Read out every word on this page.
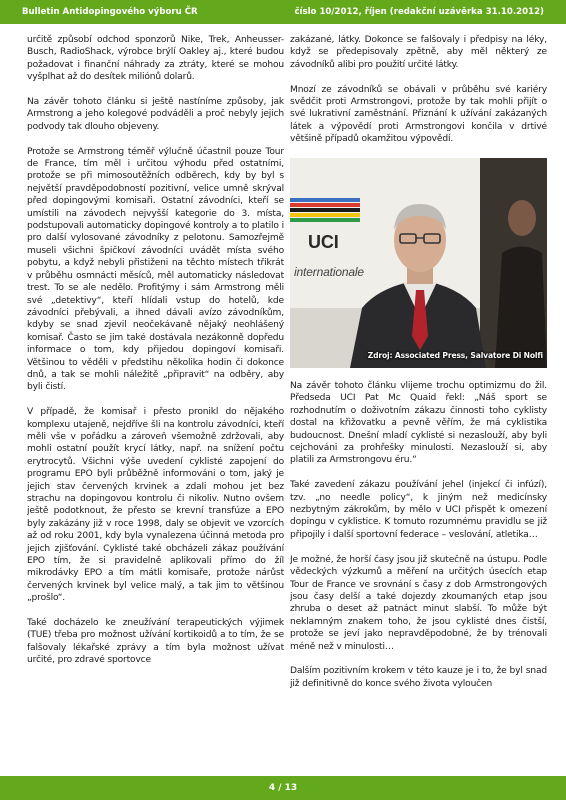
Bulletin Antidopingového výboru ČR	číslo 10/2012, říjen (redakční uzávěrka 31.10.2012)

určitě způsobí odchod sponzorů Nike, Trek, Anheusser-Busch, RadioShack, výrobce brýlí Oakley aj., které budou požadovat i finanční náhrady za ztráty, které se mohou vyšplhat až do desítek miliónů dolarů.

Na závěr tohoto článku si ještě nastíníme způsoby, jak Armstrong a jeho kolegové podváděli a proč nebyly jejich podvody tak dlouho objeveny.

Protože se Armstrong téměř výlučně účastnil pouze Tour de France, tím měl i určitou výhodu před ostatními, protože se při mimosoutěžních odběrech, kdy by byl s největší pravděpodobností pozitivní, velice umně skrýval před dopingovými komisaři. Ostatní závodníci, kteří se umístili na závodech nejvyšší kategorie do 3. místa, podstupovali automaticky dopingové kontroly a to platilo i pro další vylosované závodníky z pelotonu. Samozřejmě museli všichni špičkoví závodníci uvádět místa svého pobytu, a když nebyli přistiženi na těchto místech třikrát v průběhu osmnácti měsíců, měl automaticky následovat trest. To se ale nedělo. Profitýmy i sám Armstrong měli své „detektivy“, kteří hlídali vstup do hotelů, kde závodníci přebývali, a ihned dávali avízo závodníkům, kdyby se snad zjevil neočekávaně nějaký neohlášený komisař. Často se jim také dostávala nezákonně dopředu informace o tom, kdy přijedou dopingoví komisaři. Většinou to věděli v předstihu několika hodin či dokonce dnů, a tak se mohli náležitě „připravit“ na odběry, aby byli čistí.

V případě, že komisař i přesto pronikl do nějakého komplexu utajeně, nejdříve šli na kontrolu závodníci, kteří měli vše v pořádku a zároveň všemožně zdržovali, aby mohli ostatní použít krycí látky, např. na snížení počtu erytrocytů. Všichni výše uvedení cyklisté zapojení do programu EPO byli průběžně informováni o tom, jaký je jejich stav červených krvinek a zdali mohou jet bez strachu na dopingovou kontrolu či nikoliv. Nutno ovšem ještě podotknout, že přesto se krevní transfúze a EPO byly zakázány již v roce 1998, daly se objevit ve vzorcích až od roku 2001, kdy byla vynalezena účinná metoda pro jejich zjišťování. Cyklisté také obcházeli zákaz používání EPO tím, že si pravidelně aplikovali přímo do žíl mikrodávky EPO a tím mátli komisaře, protože nárůst červených krvinek byl velice malý, a tak jim to většinou „prošlo“.

Také docházelo ke zneužívání terapeutických výjimek (TUE) třeba pro možnost užívání kortikoidů a to tím, že se falšovaly lékařské zprávy a tím byla možnost užívat určité, pro zdravé sportovce

zakázané, látky. Dokonce se falšovaly i předpisy na léky, když se předepisovaly zpětně, aby měl některý ze závodníků alibi pro použití určité látky.

Mnozí ze závodníků se obávali v průběhu své kariéry svědčit proti Armstrongovi, protože by tak mohli přijít o své lukrativní zaměstnání. Přiznání k užívání zakázaných látek a výpovědí proti Armstrongovi končila v drtivé většině případů okamžitou výpovědí.

UCI
internationale
Zdroj: Associated Press, Salvatore Di Nolfi

Na závěr tohoto článku vlijeme trochu optimizmu do žil. Předseda UCI Pat Mc Quaid řekl: „Náš sport se rozhodnutím o doživotním zákazu činnosti toho cyklisty dostal na křižovatku a pevně věřím, že má cyklistika budoucnost. Dnešní mladí cyklisté si nezaslouží, aby byli cejchováni za prohřešky minulosti. Nezaslouží si, aby platili za Armstrongovu éru.“

Také zavedení zákazu používání jehel (injekcí či infúzí), tzv. „no needle policy“, k jiným než medicínsky nezbytným zákrokům, by mělo v UCI přispět k omezení dopingu v cyklistice. K tomuto rozumnému pravidlu se již připojily i další sportovní federace – veslování, atletika…

Je možné, že horší časy jsou již skutečně na ústupu. Podle vědeckých výzkumů a měření na určitých úsecích etap Tour de France ve srovnání s časy z dob Armstrongových jsou časy delší a také dojezdy zkoumaných etap jsou zhruba o deset až patnáct minut slabší. To může být neklamným znakem toho, že jsou cyklisté dnes čistší, protože se jeví jako nepravděpodobné, že by trénovali méně než v minulosti…

Dalším pozitivním krokem v této kauze je i to, že byl snad již definitivně do konce svého života vyloučen

4 / 13
